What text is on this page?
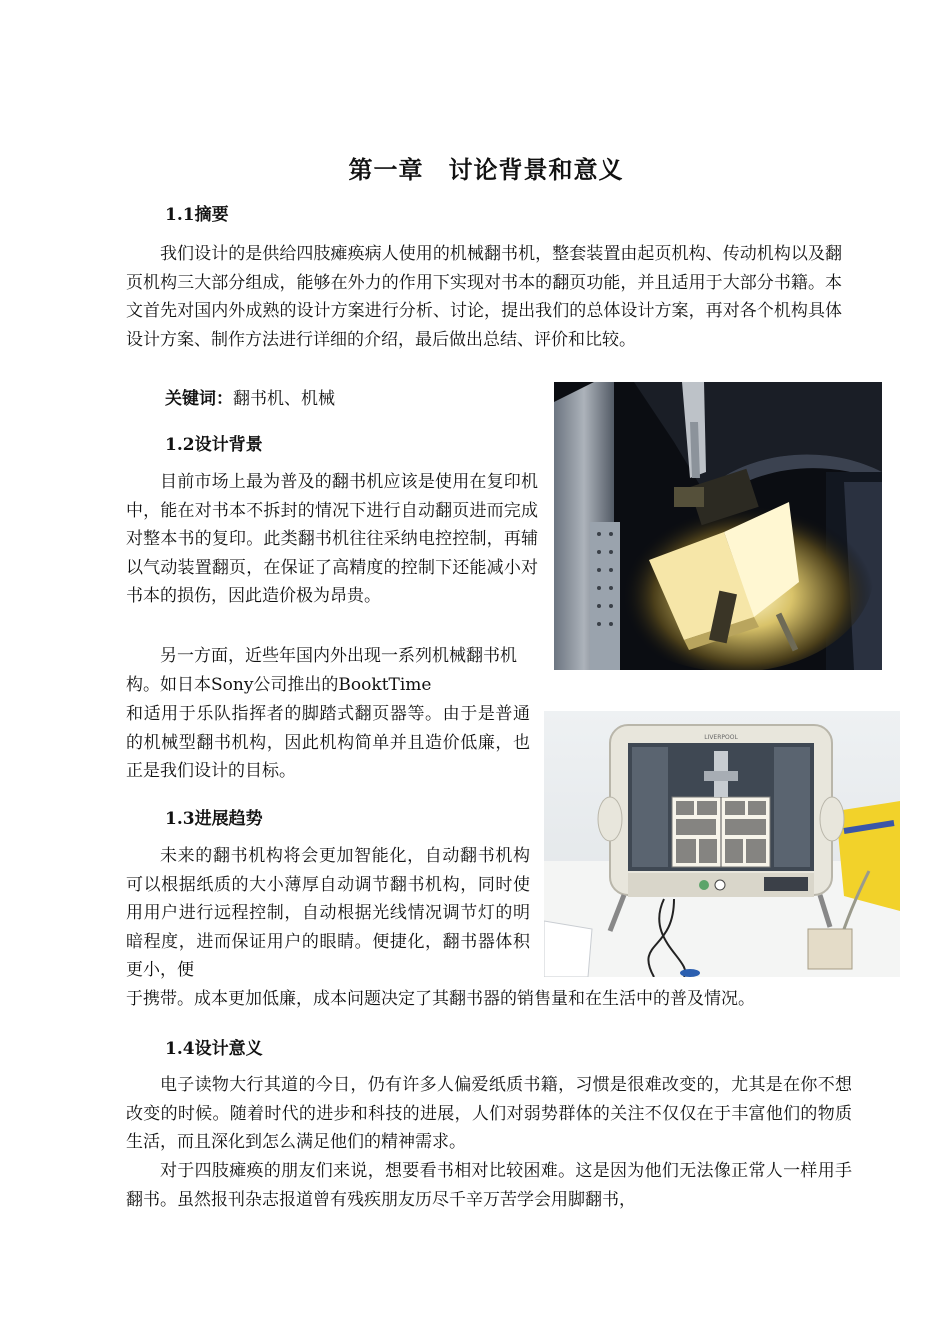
第一章　讨论背景和意义
1.1摘要

我们设计的是供给四肢瘫痪病人使用的机械翻书机，整套装置由起页机构、传动机构以及翻页机构三大部分组成，能够在外力的作用下实现对书本的翻页功能，并且适用于大部分书籍。本文首先对国内外成熟的设计方案进行分析、讨论，提出我们的总体设计方案，再对各个机构具体设计方案、制作方法进行详细的介绍，最后做出总结、评价和比较。

关键词：翻书机、机械

1.2设计背景

目前市场上最为普及的翻书机应该是使用在复印机中，能在对书本不拆封的情况下进行自动翻页进而完成对整本书的复印。此类翻书机往往采纳电控控制，再辅以气动装置翻页，在保证了高精度的控制下还能减小对书本的损伤，因此造价极为昂贵。

另一方面，近些年国内外出现一系列机械翻书机构。如日本Sony公司推出的BooktTime

和适用于乐队指挥者的脚踏式翻页器等。由于是普通的机械型翻书机构，因此机构简单并且造价低廉，也正是我们设计的目标。

1.3进展趋势

未来的翻书机构将会更加智能化，自动翻书机构可以根据纸质的大小薄厚自动调节翻书机构，同时使用用户进行远程控制，自动根据光线情况调节灯的明暗程度，进而保证用户的眼睛。便捷化，翻书器体积更小，便

于携带。成本更加低廉，成本问题决定了其翻书器的销售量和在生活中的普及情况。

1.4设计意义

电子读物大行其道的今日，仍有许多人偏爱纸质书籍，习惯是很难改变的，尤其是在你不想改变的时候。随着时代的进步和科技的进展，人们对弱势群体的关注不仅仅在于丰富他们的物质生活，而且深化到怎么满足他们的精神需求。

对于四肢瘫痪的朋友们来说，想要看书相对比较困难。这是因为他们无法像正常人一样用手翻书。虽然报刊杂志报道曾有残疾朋友历尽千辛万苦学会用脚翻书，

LIVERPOOL
